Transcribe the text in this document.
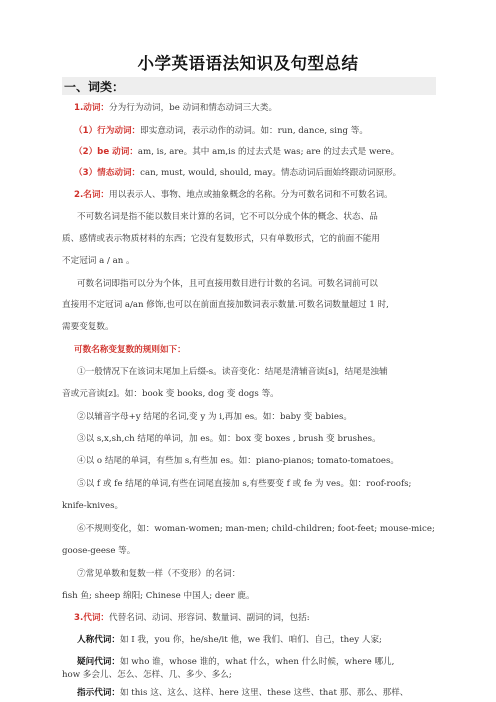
小学英语语法知识及句型总结
一、词类：
1.动词：分为行为动词，be 动词和情态动词三大类。
（1）行为动词：即实意动词，表示动作的动词。如：run, dance, sing 等。
（2）be 动词：am, is, are。其中 am,is 的过去式是 was; are 的过去式是 were。
（3）情态动词：can, must, would, should, may。情态动词后面始终跟动词原形。
2.名词：用以表示人、事物、地点或抽象概念的名称。分为可数名词和不可数名词。
不可数名词是指不能以数目来计算的名词，它不可以分成个体的概念、状态、品
质、感情或表示物质材料的东西；它没有复数形式，只有单数形式，它的前面不能用
不定冠词 a / an 。
可数名词即指可以分为个体，且可直接用数目进行计数的名词。可数名词前可以
直接用不定冠词 a/an 修饰,也可以在前面直接加数词表示数量.可数名词数量超过 1 时,
需要变复数。
可数名称变复数的规则如下：
①一般情况下在该词末尾加上后缀-s。读音变化：结尾是清辅音读[s]，结尾是浊辅
音或元音读[z]。如：book 变 books, dog 变 dogs 等。
②以辅音字母+y 结尾的名词,变 y 为 i,再加 es。如：baby 变 babies。
③以 s,x,sh,ch 结尾的单词，加 es。如：box 变 boxes , brush 变 brushes。
④以 o 结尾的单词，有些加 s,有些加 es。如：piano-pianos; tomato-tomatoes。
⑤以 f 或 fe 结尾的单词,有些在词尾直接加 s,有些要变 f 或 fe 为 ves。如：roof-roofs;
knife-knives。
⑥不规则变化，如：woman-women; man-men; child-children; foot-feet; mouse-mice;
goose-geese 等。
⑦常见单数和复数一样（不变形）的名词：
fish 鱼; sheep 绵阳; Chinese 中国人; deer 鹿。
3.代词：代替名词、动词、形容词、数量词、副词的词，包括:
人称代词：如 I 我，you 你，he/she/it 他，we 我们、咱们、自己，they 人家;
疑问代词：如 who 谁，whose 谁的，what 什么，when 什么时候，where 哪儿,
how 多会儿、怎么、怎样、几、多少、多么;
指示代词：如 this 这、这么、这样、here 这里、these 这些、that 那、那么、那样、
